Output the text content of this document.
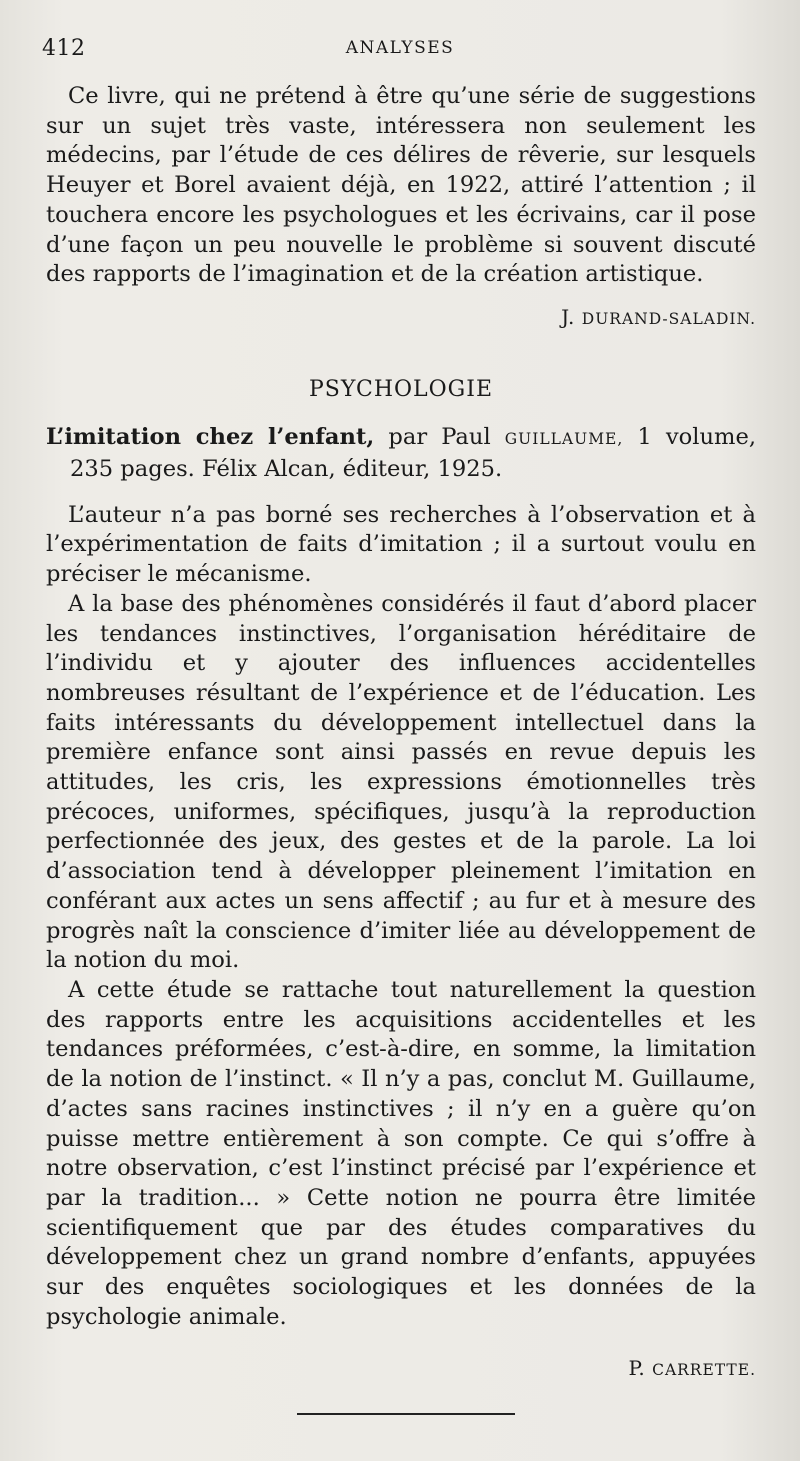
412	ANALYSES

Ce livre, qui ne prétend à être qu’une série de suggestions sur un sujet très vaste, intéressera non seulement les médecins, par l’étude de ces délires de rêverie, sur lesquels Heuyer et Borel avaient déjà, en 1922, attiré l’attention ; il touchera encore les psychologues et les écrivains, car il pose d’une façon un peu nouvelle le problème si souvent discuté des rapports de l’imagination et de la création artistique.

J. DURAND-SALADIN.
PSYCHOLOGIE

L’imitation chez l’enfant, par Paul GUILLAUME, 1 volume, 235 pages. Félix Alcan, éditeur, 1925.

L’auteur n’a pas borné ses recherches à l’observation et à l’expérimentation de faits d’imitation ; il a surtout voulu en préciser le mécanisme.

A la base des phénomènes considérés il faut d’abord placer les tendances instinctives, l’organisation héréditaire de l’individu et y ajouter des influences accidentelles nombreuses résultant de l’expérience et de l’éducation. Les faits intéressants du développement intellectuel dans la première enfance sont ainsi passés en revue depuis les attitudes, les cris, les expressions émotionnelles très précoces, uniformes, spécifiques, jusqu’à la reproduction perfectionnée des jeux, des gestes et de la parole. La loi d’association tend à développer pleinement l’imitation en conférant aux actes un sens affectif ; au fur et à mesure des progrès naît la conscience d’imiter liée au développement de la notion du moi.

A cette étude se rattache tout naturellement la question des rapports entre les acquisitions accidentelles et les tendances préformées, c’est-à-dire, en somme, la limitation de la notion de l’instinct. « Il n’y a pas, conclut M. Guillaume, d’actes sans racines instinctives ; il n’y en a guère qu’on puisse mettre entièrement à son compte. Ce qui s’offre à notre observation, c’est l’instinct précisé par l’expérience et par la tradition... » Cette notion ne pourra être limitée scientifiquement que par des études comparatives du développement chez un grand nombre d’enfants, appuyées sur des enquêtes sociologiques et les données de la psychologie animale.

P. CARRETTE.
